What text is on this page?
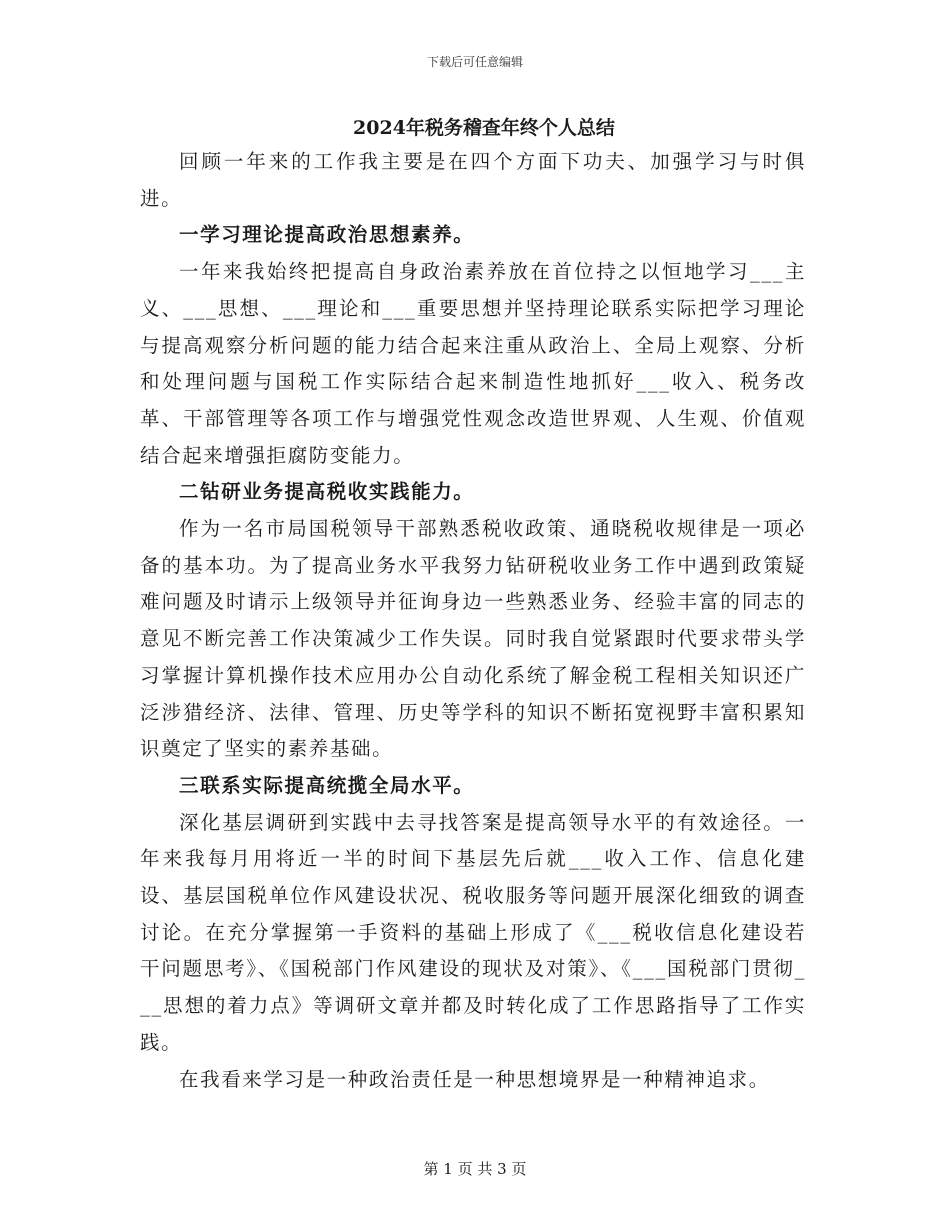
下载后可任意编辑
2024年税务稽查年终个人总结

回顾一年来的工作我主要是在四个方面下功夫、加强学习与时俱进。

一学习理论提高政治思想素养。

一年来我始终把提高自身政治素养放在首位持之以恒地学习___主义、___思想、___理论和___重要思想并坚持理论联系实际把学习理论与提高观察分析问题的能力结合起来注重从政治上、全局上观察、分析和处理问题与国税工作实际结合起来制造性地抓好___收入、税务改革、干部管理等各项工作与增强党性观念改造世界观、人生观、价值观结合起来增强拒腐防变能力。

二钻研业务提高税收实践能力。

作为一名市局国税领导干部熟悉税收政策、通晓税收规律是一项必备的基本功。为了提高业务水平我努力钻研税收业务工作中遇到政策疑难问题及时请示上级领导并征询身边一些熟悉业务、经验丰富的同志的意见不断完善工作决策减少工作失误。同时我自觉紧跟时代要求带头学习掌握计算机操作技术应用办公自动化系统了解金税工程相关知识还广泛涉猎经济、法律、管理、历史等学科的知识不断拓宽视野丰富积累知识奠定了坚实的素养基础。

三联系实际提高统揽全局水平。

深化基层调研到实践中去寻找答案是提高领导水平的有效途径。一年来我每月用将近一半的时间下基层先后就___收入工作、信息化建设、基层国税单位作风建设状况、税收服务等问题开展深化细致的调查讨论。在充分掌握第一手资料的基础上形成了《___税收信息化建设若干问题思考》、《国税部门作风建设的现状及对策》、《___国税部门贯彻___思想的着力点》等调研文章并都及时转化成了工作思路指导了工作实践。

在我看来学习是一种政治责任是一种思想境界是一种精神追求。

第 1 页 共 3 页
